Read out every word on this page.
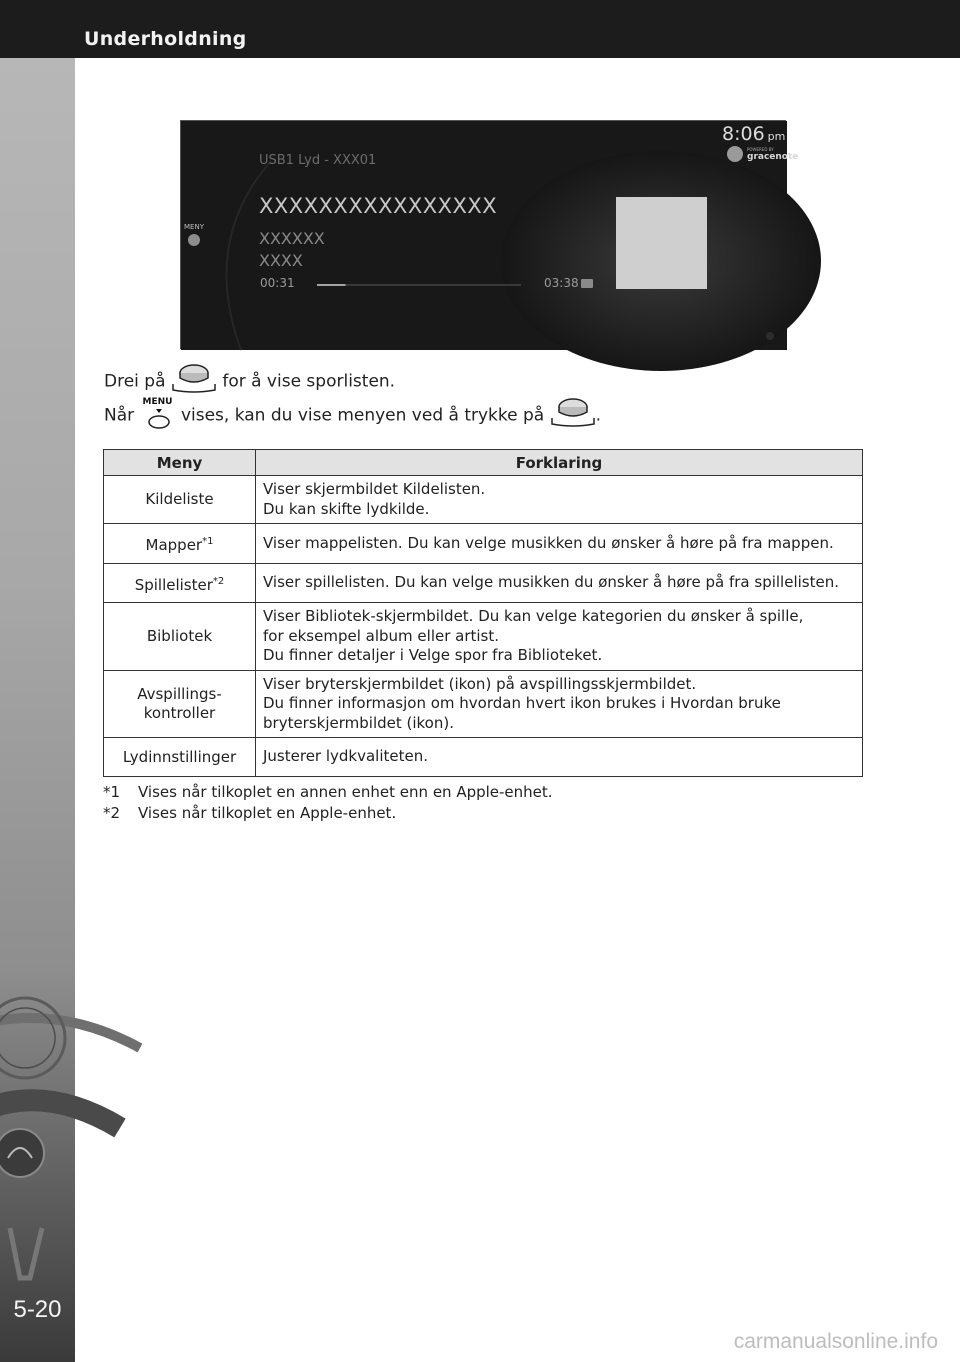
Underholdning
5-20
8:06 pm
POWERED BY
gracenote
USB1 Lyd - XXX01
XXXXXXXXXXXXXXXX
XXXXXX
XXXX
00:31	03:38
MENY
Drei på	for å vise sporlisten.
Når
MENU
vises, kan du vise menyen ved å trykke på	.
Meny	Forklaring
Kildeliste	Viser skjermbildet Kildelisten.
Du kan skifte lydkilde.
Mapper$^{*1}$	Viser mappelisten. Du kan velge musikken du ønsker å høre på fra mappen.
Spillelister$^{*2}$	Viser spillelisten. Du kan velge musikken du ønsker å høre på fra spillelisten.
Bibliotek	Viser Bibliotek-skjermbildet. Du kan velge kategorien du ønsker å spille,
for eksempel album eller artist.
Du finner detaljer i Velge spor fra Biblioteket.
Avspillings-
kontroller	Viser bryterskjermbildet (ikon) på avspillingsskjermbildet.
Du finner informasjon om hvordan hvert ikon brukes i Hvordan bruke
bryterskjermbildet (ikon).
Lydinnstillinger	Justerer lydkvaliteten.
*1	Vises når tilkoplet en annen enhet enn en Apple-enhet.
*2	Vises når tilkoplet en Apple-enhet.
carmanualsonline.info
